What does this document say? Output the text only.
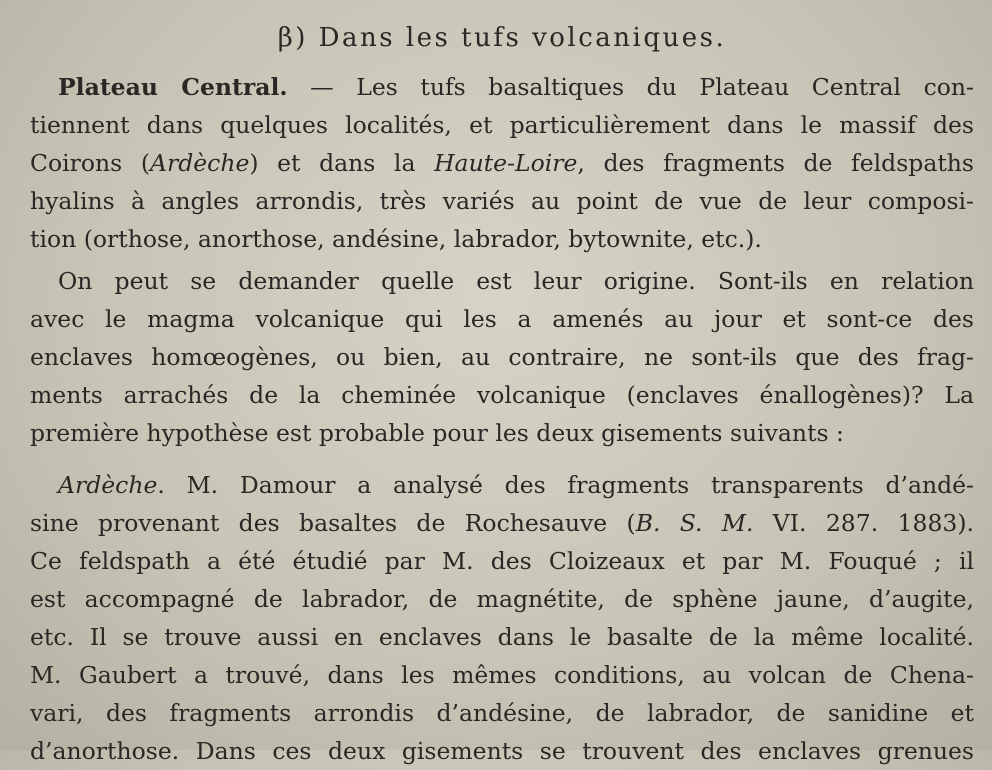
β) Dans les tufs volcaniques.
Plateau Central. — Les tufs basaltiques du Plateau Central con-
tiennent dans quelques localités, et particulièrement dans le massif des
Coirons (Ardèche) et dans la Haute-Loire, des fragments de feldspaths
hyalins à angles arrondis, très variés au point de vue de leur composi-
tion (orthose, anorthose, andésine, labrador, bytownite, etc.).
On peut se demander quelle est leur origine. Sont-ils en relation
avec le magma volcanique qui les a amenés au jour et sont-ce des
enclaves homœogènes, ou bien, au contraire, ne sont-ils que des frag-
ments arrachés de la cheminée volcanique (enclaves énallogènes)? La
première hypothèse est probable pour les deux gisements suivants :
Ardèche. M. Damour a analysé des fragments transparents d’andé-
sine provenant des basaltes de Rochesauve (B. S. M. VI. 287. 1883).
Ce feldspath a été étudié par M. des Cloizeaux et par M. Fouqué ; il
est accompagné de labrador, de magnétite, de sphène jaune, d’augite,
etc. Il se trouve aussi en enclaves dans le basalte de la même localité.
M. Gaubert a trouvé, dans les mêmes conditions, au volcan de Chena-
vari, des fragments arrondis d’andésine, de labrador, de sanidine et
d’anorthose. Dans ces deux gisements se trouvent des enclaves grenues
